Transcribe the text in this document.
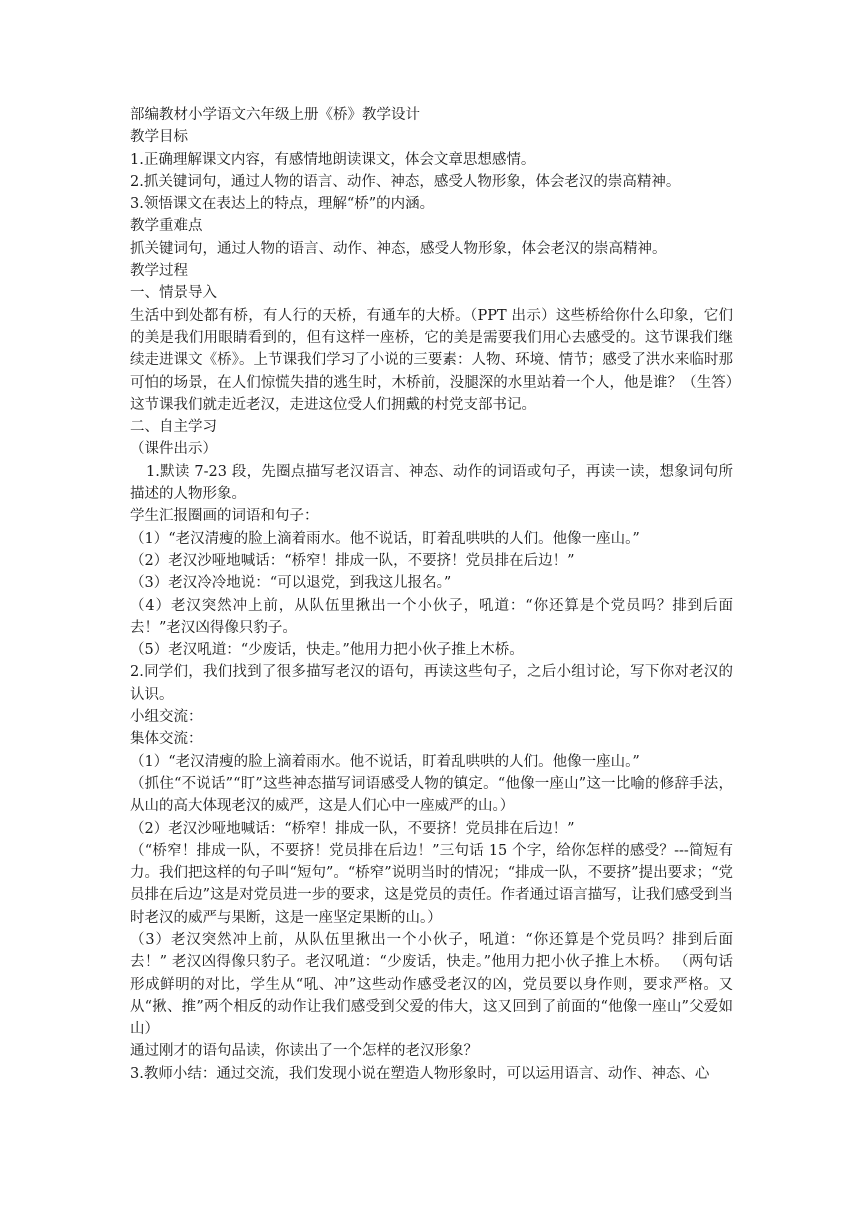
部编教材小学语文六年级上册《桥》教学设计

教学目标

1.正确理解课文内容，有感情地朗读课文，体会文章思想感情。

2.抓关键词句，通过人物的语言、动作、神态，感受人物形象，体会老汉的崇高精神。

3.领悟课文在表达上的特点，理解“桥”的内涵。

教学重难点

抓关键词句，通过人物的语言、动作、神态，感受人物形象，体会老汉的崇高精神。

教学过程

一、情景导入

生活中到处都有桥，有人行的天桥，有通车的大桥。（PPT 出示）这些桥给你什么印象，它们的美是我们用眼睛看到的，但有这样一座桥，它的美是需要我们用心去感受的。这节课我们继续走进课文《桥》。上节课我们学习了小说的三要素：人物、环境、情节；感受了洪水来临时那可怕的场景，在人们惊慌失措的逃生时，木桥前，没腿深的水里站着一个人，他是谁？（生答）这节课我们就走近老汉，走进这位受人们拥戴的村党支部书记。

二、自主学习

（课件出示）

1.默读 7-23 段，先圈点描写老汉语言、神态、动作的词语或句子，再读一读，想象词句所描述的人物形象。

学生汇报圈画的词语和句子：

（1）“老汉清瘦的脸上滴着雨水。他不说话，盯着乱哄哄的人们。他像一座山。”

（2）老汉沙哑地喊话：“桥窄！排成一队，不要挤！党员排在后边！”

（3）老汉冷冷地说：“可以退党，到我这儿报名。”

（4）老汉突然冲上前，从队伍里揪出一个小伙子，吼道：“你还算是个党员吗？排到后面去！”老汉凶得像只豹子。

（5）老汉吼道：“少废话，快走。”他用力把小伙子推上木桥。

2.同学们，我们找到了很多描写老汉的语句，再读这些句子，之后小组讨论，写下你对老汉的认识。

小组交流：

集体交流：

（1）“老汉清瘦的脸上滴着雨水。他不说话，盯着乱哄哄的人们。他像一座山。”

（抓住“不说话”“盯”这些神态描写词语感受人物的镇定。“他像一座山”这一比喻的修辞手法，从山的高大体现老汉的威严，这是人们心中一座威严的山。）

（2）老汉沙哑地喊话：“桥窄！排成一队，不要挤！党员排在后边！”

（“桥窄！排成一队，不要挤！党员排在后边！”三句话 15 个字，给你怎样的感受？---简短有力。我们把这样的句子叫“短句”。“桥窄”说明当时的情况；“排成一队，不要挤”提出要求；“党员排在后边”这是对党员进一步的要求，这是党员的责任。作者通过语言描写，让我们感受到当时老汉的威严与果断，这是一座坚定果断的山。）

（3）老汉突然冲上前，从队伍里揪出一个小伙子，吼道：“你还算是个党员吗？排到后面去！” 老汉凶得像只豹子。老汉吼道：“少废话，快走。”他用力把小伙子推上木桥。 （两句话形成鲜明的对比，学生从“吼、冲”这些动作感受老汉的凶，党员要以身作则，要求严格。又从“揪、推”两个相反的动作让我们感受到父爱的伟大，这又回到了前面的“他像一座山”父爱如山）

通过刚才的语句品读，你读出了一个怎样的老汉形象？

3.教师小结：通过交流，我们发现小说在塑造人物形象时，可以运用语言、动作、神态、心
